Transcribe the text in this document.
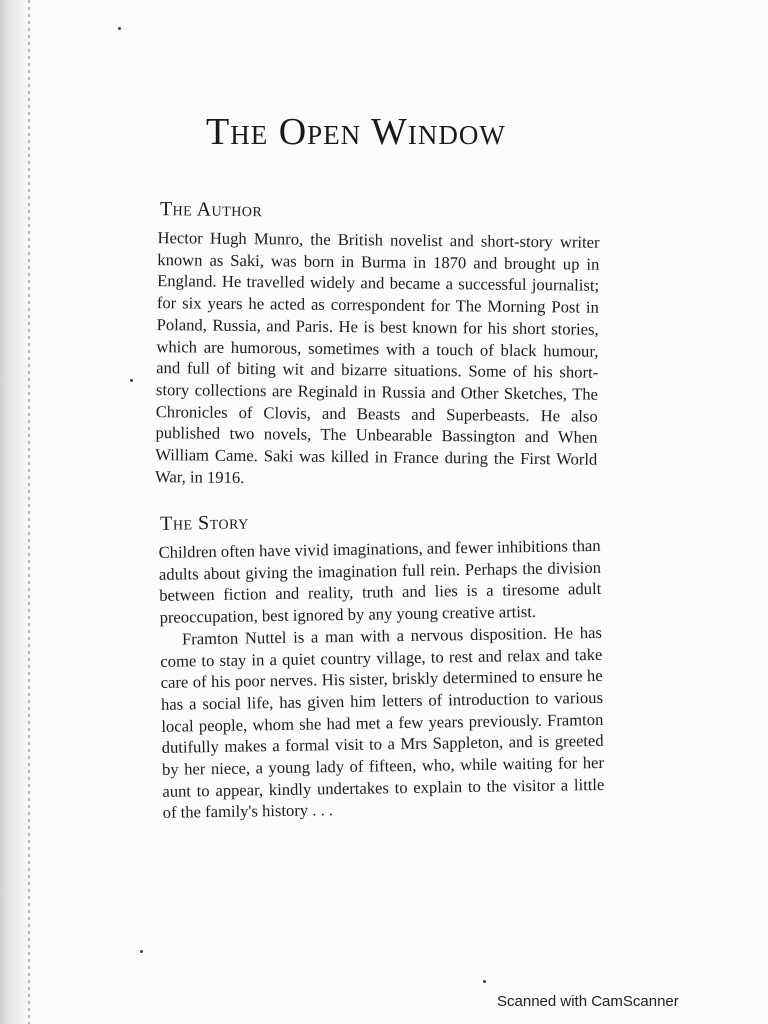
The Open Window
The Author

Hector Hugh Munro, the British novelist and short-story writer known as Saki, was born in Burma in 1870 and brought up in England. He travelled widely and became a successful journalist; for six years he acted as correspondent for The Morning Post in Poland, Russia, and Paris. He is best known for his short stories, which are humorous, sometimes with a touch of black humour, and full of biting wit and bizarre situations. Some of his short-story collections are Reginald in Russia and Other Sketches, The Chronicles of Clovis, and Beasts and Superbeasts. He also published two novels, The Unbearable Bassington and When William Came. Saki was killed in France during the First World War, in 1916.

The Story

Children often have vivid imaginations, and fewer inhibitions than adults about giving the imagination full rein. Perhaps the division between fiction and reality, truth and lies is a tiresome adult preoccupation, best ignored by any young creative artist.

Framton Nuttel is a man with a nervous disposition. He has come to stay in a quiet country village, to rest and relax and take care of his poor nerves. His sister, briskly determined to ensure he has a social life, has given him letters of introduction to various local people, whom she had met a few years previously. Framton dutifully makes a formal visit to a Mrs Sappleton, and is greeted by her niece, a young lady of fifteen, who, while waiting for her aunt to appear, kindly undertakes to explain to the visitor a little of the family's history . . .

Scanned with CamScanner
